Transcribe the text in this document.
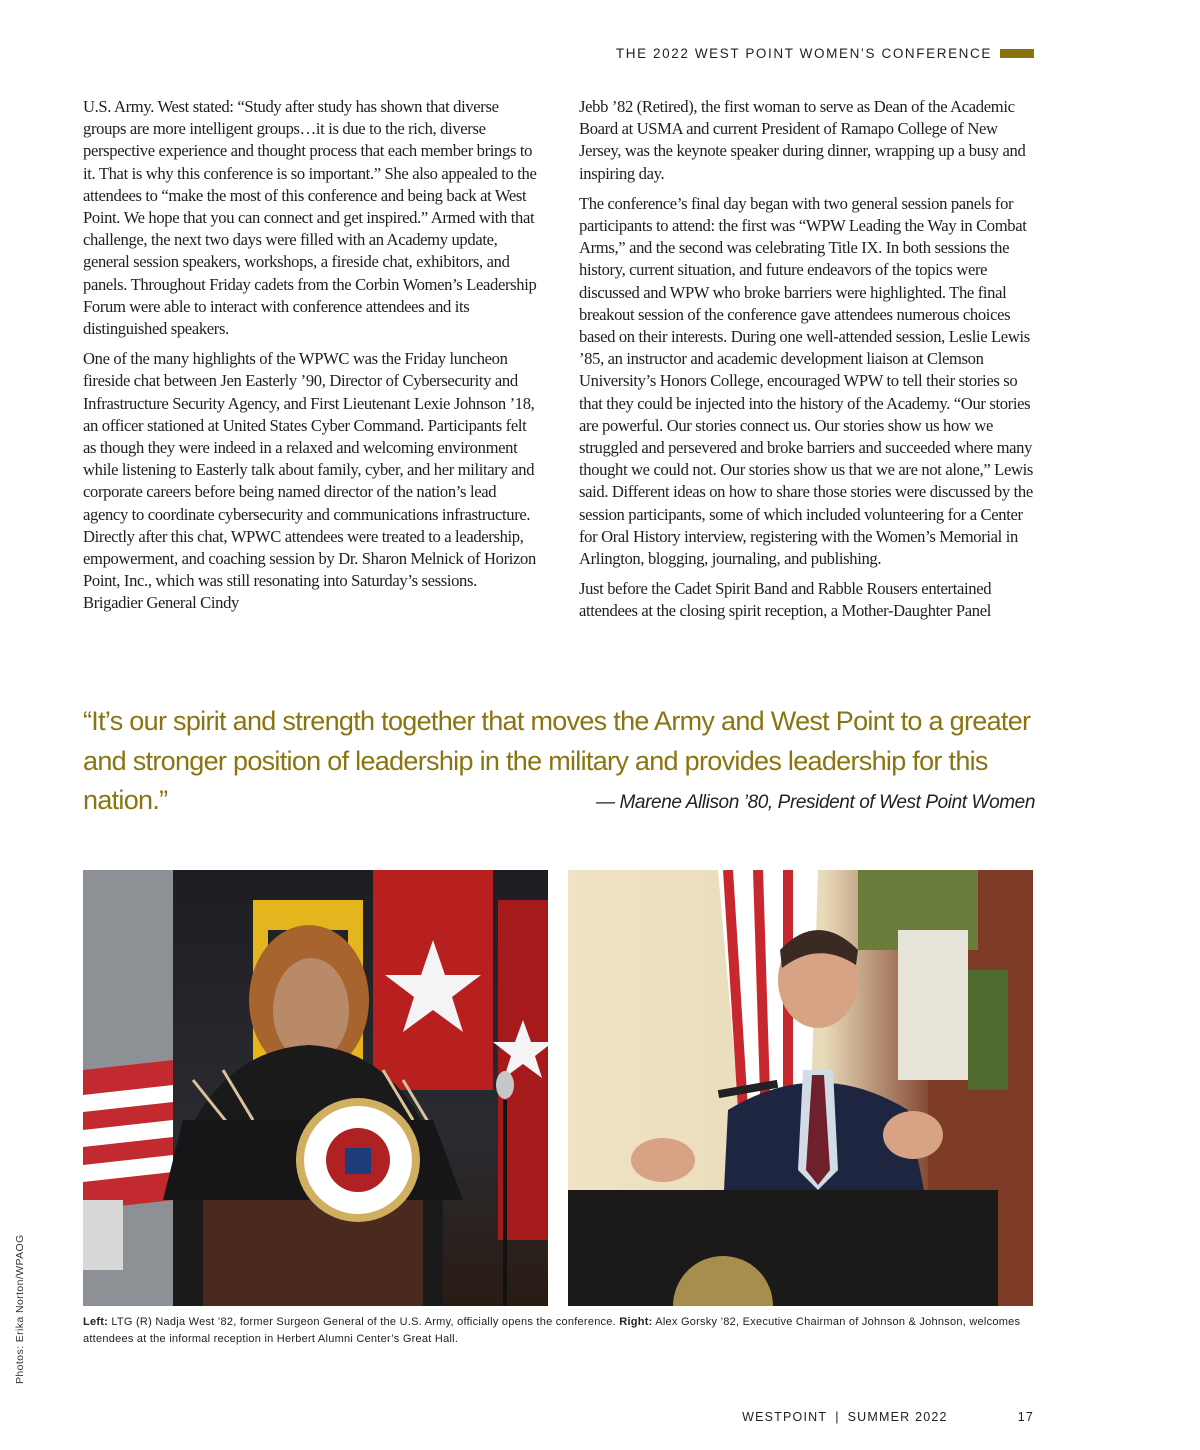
THE 2022 WEST POINT WOMEN’S CONFERENCE

U.S. Army. West stated: “Study after study has shown that diverse groups are more intelligent groups…it is due to the rich, diverse perspective experience and thought process that each member brings to it. That is why this conference is so important.” She also appealed to the attendees to “make the most of this conference and being back at West Point. We hope that you can connect and get inspired.” Armed with that challenge, the next two days were filled with an Academy update, general session speakers, workshops, a fireside chat, exhibitors, and panels. Throughout Friday cadets from the Corbin Women’s Leadership Forum were able to interact with conference attendees and its distinguished speakers.

One of the many highlights of the WPWC was the Friday luncheon fireside chat between Jen Easterly ’90, Director of Cybersecurity and Infrastructure Security Agency, and First Lieutenant Lexie Johnson ’18, an officer stationed at United States Cyber Command. Participants felt as though they were indeed in a relaxed and welcoming environment while listening to Easterly talk about family, cyber, and her military and corporate careers before being named director of the nation’s lead agency to coordinate cybersecurity and communications infrastructure. Directly after this chat, WPWC attendees were treated to a leadership, empowerment, and coaching session by Dr. Sharon Melnick of Horizon Point, Inc., which was still resonating into Saturday’s sessions. Brigadier General Cindy

Jebb ’82 (Retired), the first woman to serve as Dean of the Academic Board at USMA and current President of Ramapo College of New Jersey, was the keynote speaker during dinner, wrapping up a busy and inspiring day.

The conference’s final day began with two general session panels for participants to attend: the first was “WPW Leading the Way in Combat Arms,” and the second was celebrating Title IX. In both sessions the history, current situation, and future endeavors of the topics were discussed and WPW who broke barriers were highlighted. The final breakout session of the conference gave attendees numerous choices based on their interests. During one well-attended session, Leslie Lewis ’85, an instructor and academic development liaison at Clemson University’s Honors College, encouraged WPW to tell their stories so that they could be injected into the history of the Academy. “Our stories are powerful. Our stories connect us. Our stories show us how we struggled and persevered and broke barriers and succeeded where many thought we could not. Our stories show us that we are not alone,” Lewis said. Different ideas on how to share those stories were discussed by the session participants, some of which included volunteering for a Center for Oral History interview, registering with the Women’s Memorial in Arlington, blogging, journaling, and publishing.

Just before the Cadet Spirit Band and Rabble Rousers entertained attendees at the closing spirit reception, a Mother-Daughter Panel

“It’s our spirit and strength together that moves the Army and West Point to a greater and stronger position of leadership in the military and provides leadership for this nation.”	— Marene Allison ’80, President of West Point Women
Left: LTG (R) Nadja West ’82, former Surgeon General of the U.S. Army, officially opens the conference. Right: Alex Gorsky ’82, Executive Chairman of Johnson & Johnson, welcomes attendees at the informal reception in Herbert Alumni Center’s Great Hall.
Photos: Erika Norton/WPAOG
WESTPOINT | SUMMER 2022	17
